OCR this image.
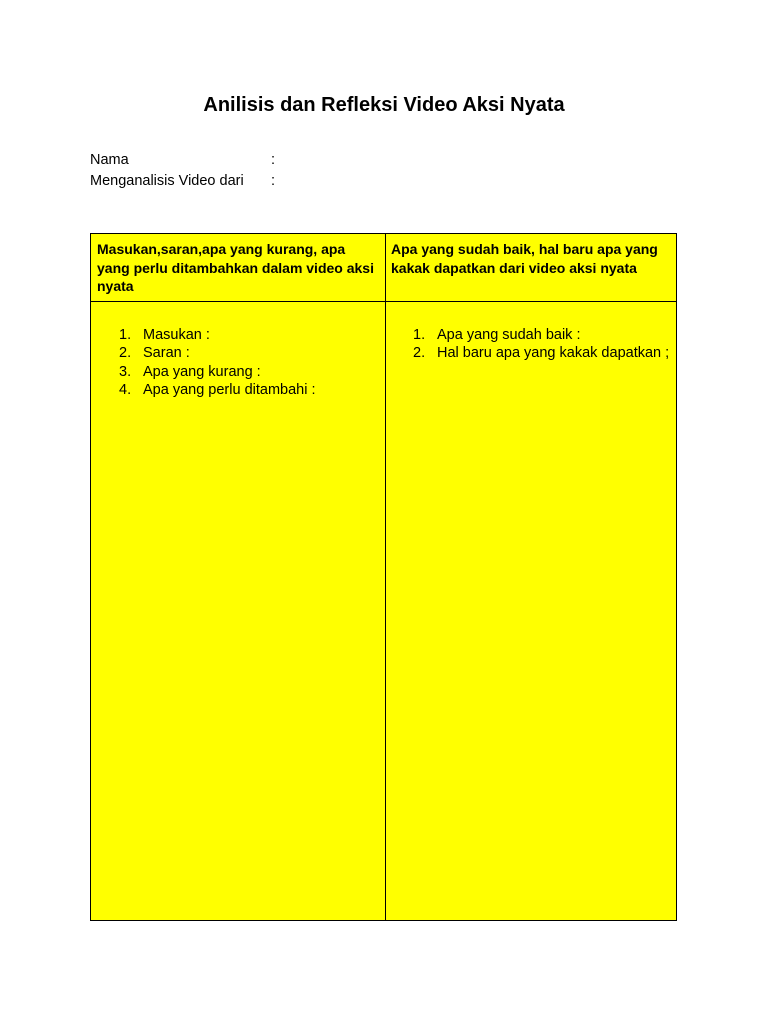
Anilisis dan Refleksi Video Aksi Nyata
Nama	:
Menganalisis Video dari :
Masukan,saran,apa yang kurang, apa yang perlu ditambahkan dalam video aksi nyata
Apa yang sudah baik, hal baru apa yang kakak dapatkan dari video aksi nyata
1. Masukan :
2. Saran :
3. Apa yang kurang :
4. Apa yang perlu ditambahi :
1. Apa yang sudah baik :
2. Hal baru apa yang kakak dapatkan ;
